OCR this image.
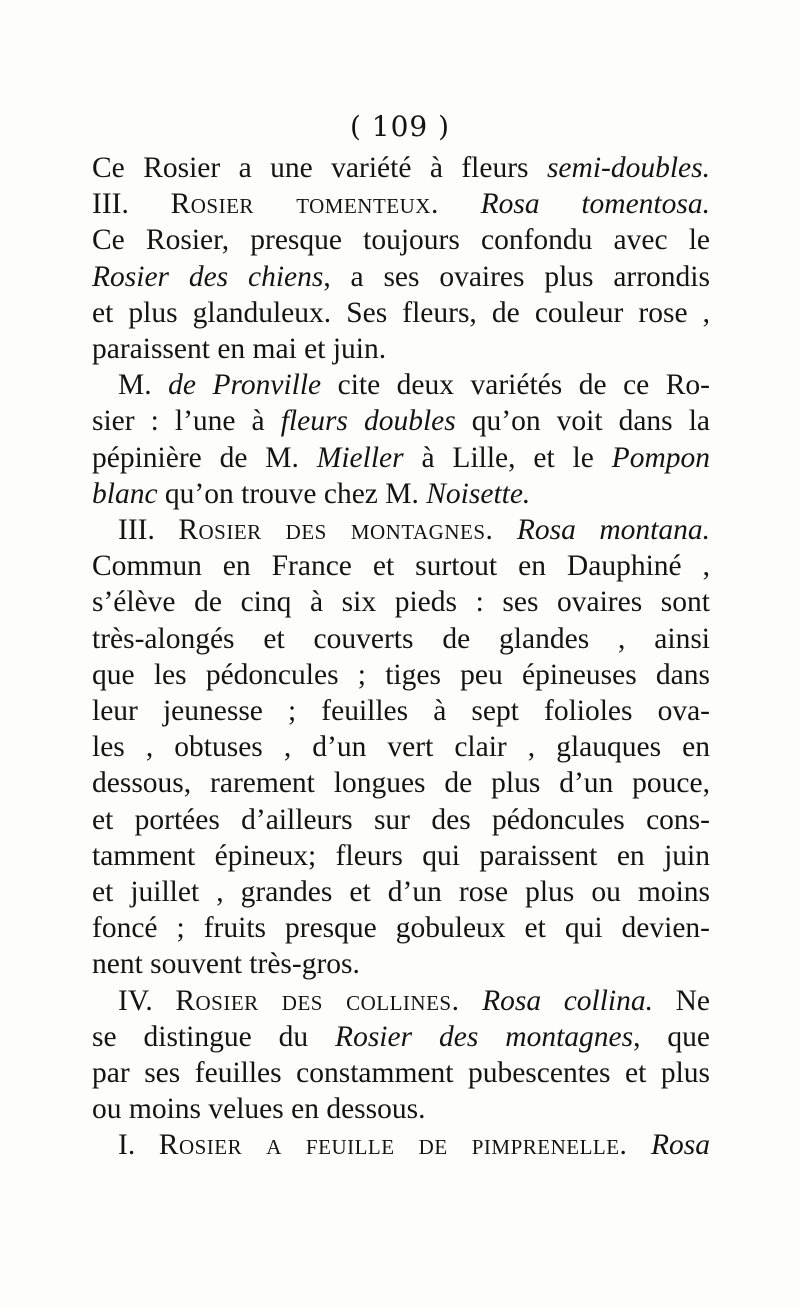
( 109 )
Ce Rosier a une variété à fleurs semi-doubles.
III. Rosier tomenteux. Rosa tomentosa.
Ce Rosier, presque toujours confondu avec le
Rosier des chiens, a ses ovaires plus arrondis
et plus glanduleux. Ses fleurs, de couleur rose ,
paraissent en mai et juin.
M. de Pronville cite deux variétés de ce Ro-
sier : l’une à fleurs doubles qu’on voit dans la
pépinière de M. Mieller à Lille, et le Pompon
blanc qu’on trouve chez M. Noisette.
III. Rosier des montagnes. Rosa montana.
Commun en France et surtout en Dauphiné ,
s’élève de cinq à six pieds : ses ovaires sont
très-alongés et couverts de glandes , ainsi
que les pédoncules ; tiges peu épineuses dans
leur jeunesse ; feuilles à sept folioles ova-
les , obtuses , d’un vert clair , glauques en
dessous, rarement longues de plus d’un pouce,
et portées d’ailleurs sur des pédoncules cons-
tamment épineux; fleurs qui paraissent en juin
et juillet , grandes et d’un rose plus ou moins
foncé ; fruits presque gobuleux et qui devien-
nent souvent très-gros.
IV. Rosier des collines. Rosa collina. Ne
se distingue du Rosier des montagnes, que
par ses feuilles constamment pubescentes et plus
ou moins velues en dessous.
I. Rosier a feuille de pimprenelle. Rosa
